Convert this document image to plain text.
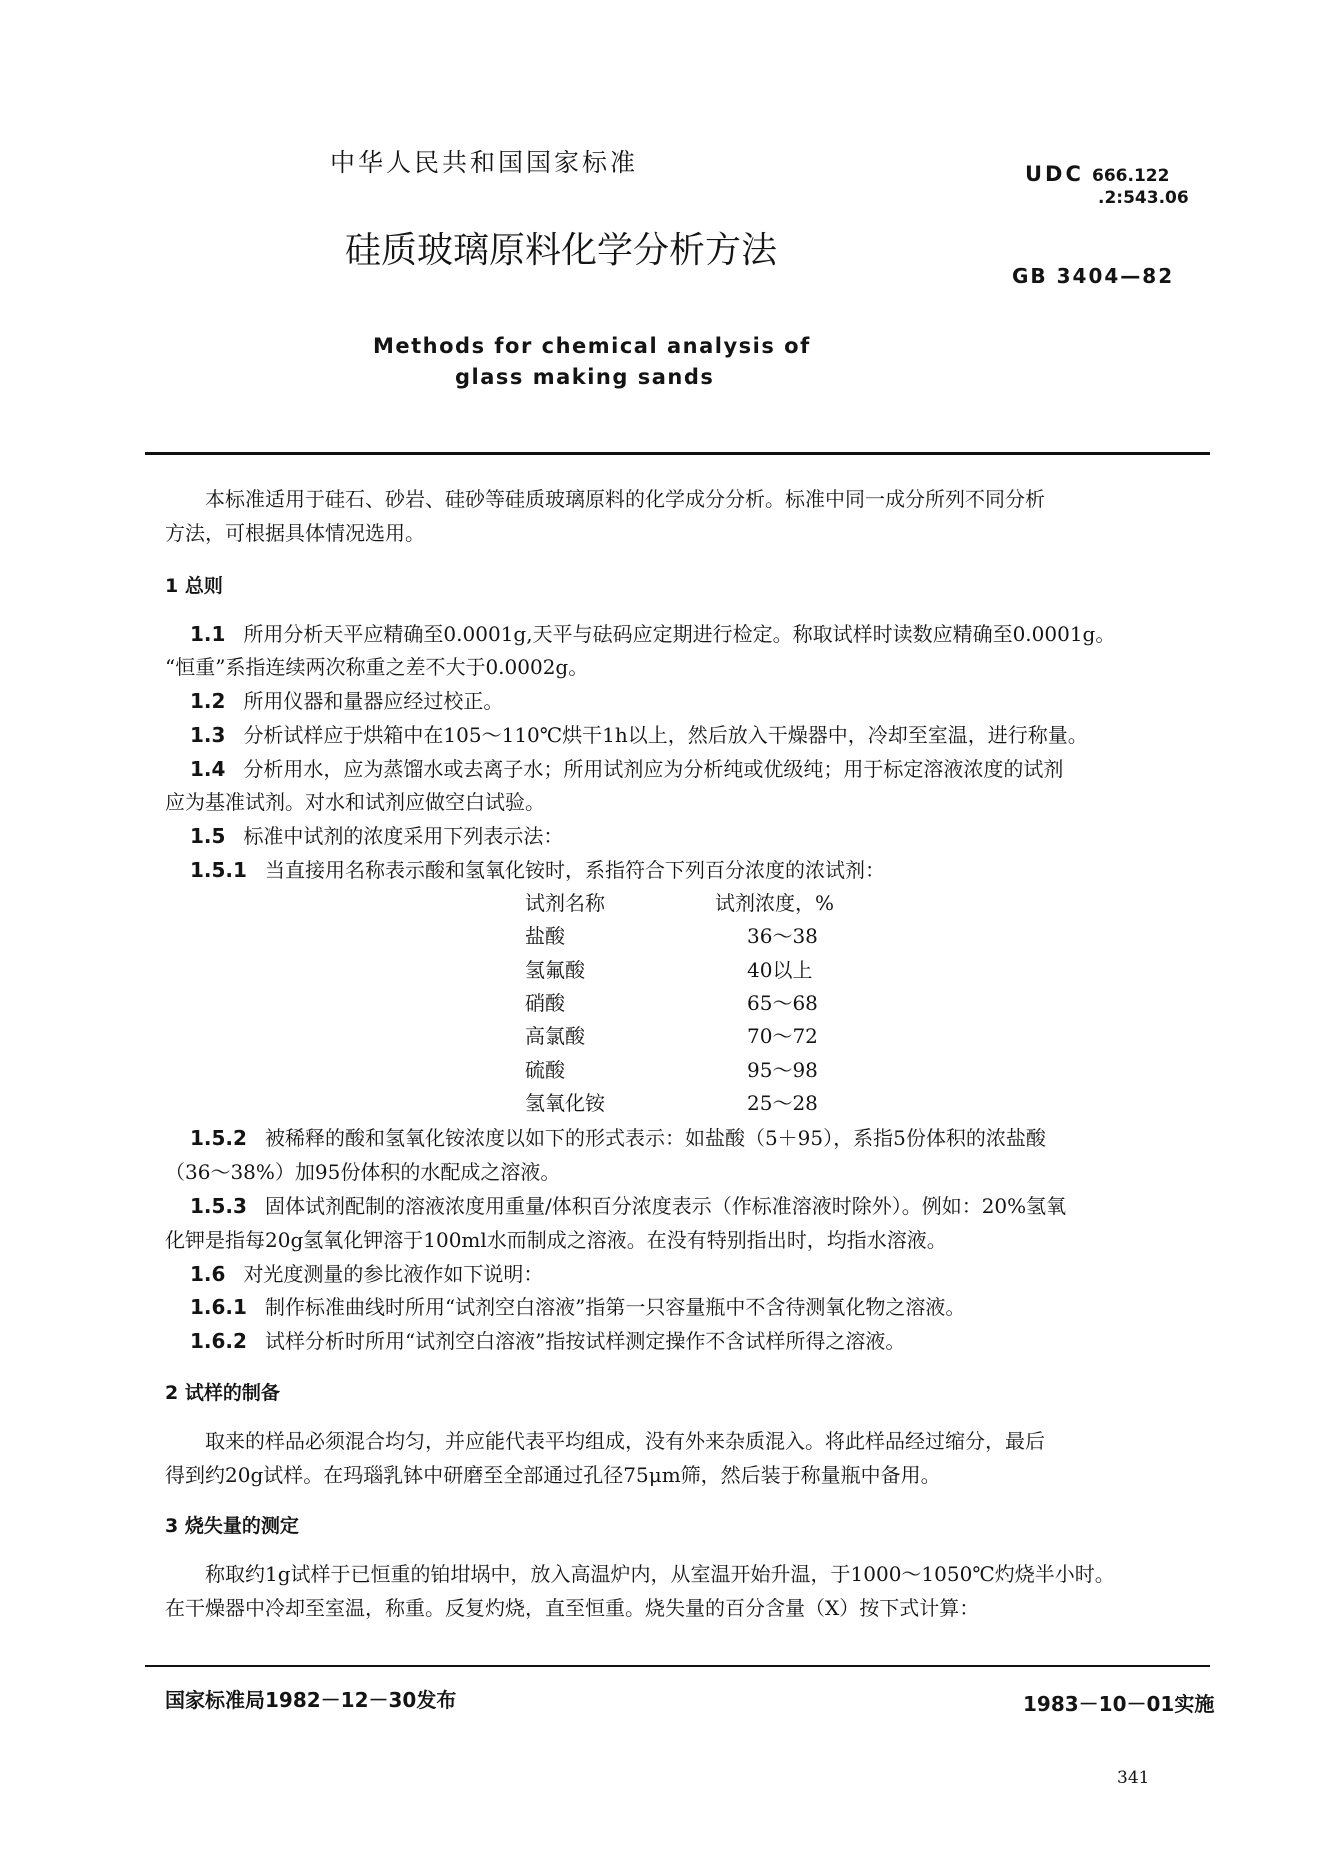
中华人民共和国国家标准	UDC 666.122
.2:543.06
硅质玻璃原料化学分析方法
GB 3404—82
Methods for chemical analysis of
glass making sands
本标准适用于硅石、砂岩、硅砂等硅质玻璃原料的化学成分分析。标准中同一成分所列不同分析
方法，可根据具体情况选用。
1 总则
1.1 所用分析天平应精确至0.0001g,天平与砝码应定期进行检定。称取试样时读数应精确至0.0001g。
“恒重”系指连续两次称重之差不大于0.0002g。
1.2 所用仪器和量器应经过校正。
1.3 分析试样应于烘箱中在105～110℃烘干1h以上，然后放入干燥器中，冷却至室温，进行称量。
1.4 分析用水，应为蒸馏水或去离子水；所用试剂应为分析纯或优级纯；用于标定溶液浓度的试剂
应为基准试剂。对水和试剂应做空白试验。
1.5 标准中试剂的浓度采用下列表示法：
1.5.1 当直接用名称表示酸和氢氧化铵时，系指符合下列百分浓度的浓试剂：
试剂名称	试剂浓度，%
盐酸	36～38
氢氟酸	40以上
硝酸	65～68
高氯酸	70～72
硫酸	95～98
氢氧化铵	25～28
1.5.2 被稀释的酸和氢氧化铵浓度以如下的形式表示：如盐酸（5＋95），系指5份体积的浓盐酸
（36～38%）加95份体积的水配成之溶液。
1.5.3 固体试剂配制的溶液浓度用重量/体积百分浓度表示（作标准溶液时除外）。例如：20%氢氧
化钾是指每20g氢氧化钾溶于100ml水而制成之溶液。在没有特别指出时，均指水溶液。
1.6 对光度测量的参比液作如下说明：
1.6.1 制作标准曲线时所用“试剂空白溶液”指第一只容量瓶中不含待测氧化物之溶液。
1.6.2 试样分析时所用“试剂空白溶液”指按试样测定操作不含试样所得之溶液。
2 试样的制备
取来的样品必须混合均匀，并应能代表平均组成，没有外来杂质混入。将此样品经过缩分，最后
得到约20g试样。在玛瑙乳钵中研磨至全部通过孔径75μm筛，然后装于称量瓶中备用。
3 烧失量的测定
称取约1g试样于已恒重的铂坩埚中，放入高温炉内，从室温开始升温，于1000～1050℃灼烧半小时。
在干燥器中冷却至室温，称重。反复灼烧，直至恒重。烧失量的百分含量（X）按下式计算：
国家标准局1982－12－30发布	1983－10－01实施
341
